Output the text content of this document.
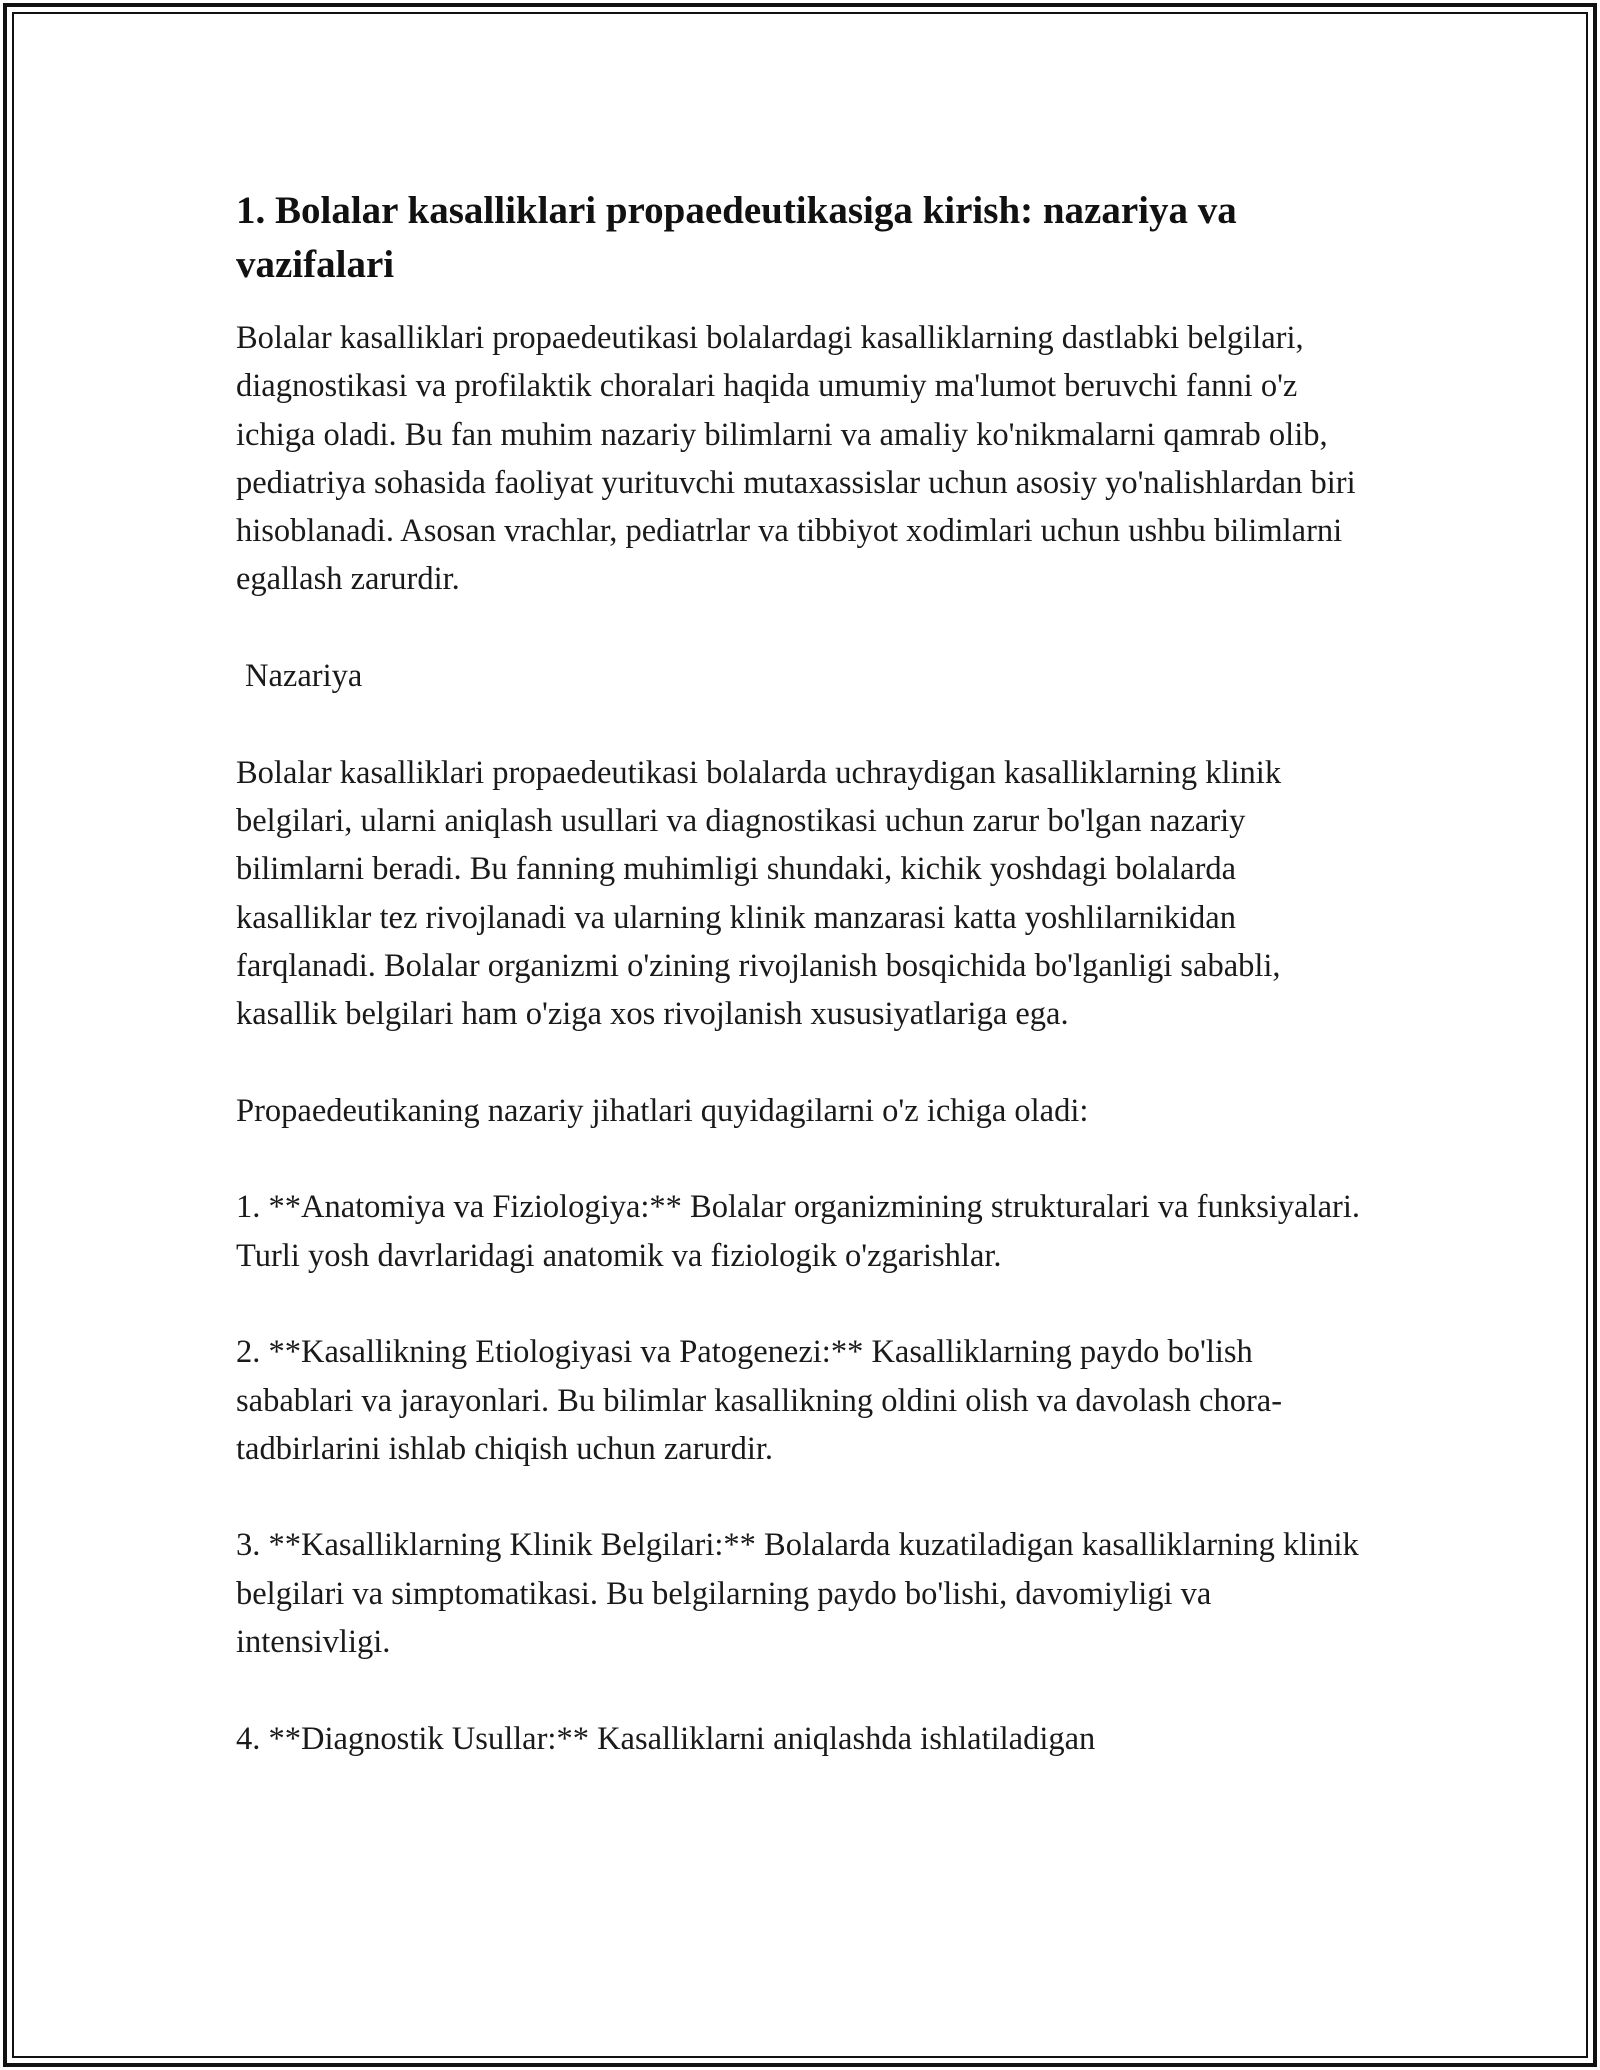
1. Bolalar kasalliklari propaedeutikasiga kirish: nazariya va vazifalari

Bolalar kasalliklari propaedeutikasi bolalardagi kasalliklarning dastlabki belgilari, diagnostikasi va profilaktik choralari haqida umumiy ma'lumot beruvchi fanni o'z ichiga oladi. Bu fan muhim nazariy bilimlarni va amaliy ko'nikmalarni qamrab olib, pediatriya sohasida faoliyat yurituvchi mutaxassislar uchun asosiy yo'nalishlardan biri hisoblanadi. Asosan vrachlar, pediatrlar va tibbiyot xodimlari uchun ushbu bilimlarni egallash zarurdir.

Nazariya

Bolalar kasalliklari propaedeutikasi bolalarda uchraydigan kasalliklarning klinik belgilari, ularni aniqlash usullari va diagnostikasi uchun zarur bo'lgan nazariy bilimlarni beradi. Bu fanning muhimligi shundaki, kichik yoshdagi bolalarda kasalliklar tez rivojlanadi va ularning klinik manzarasi katta yoshlilarnikidan farqlanadi. Bolalar organizmi o'zining rivojlanish bosqichida bo'lganligi sababli, kasallik belgilari ham o'ziga xos rivojlanish xususiyatlariga ega.

Propaedeutikaning nazariy jihatlari quyidagilarni o'z ichiga oladi:

1. **Anatomiya va Fiziologiya:** Bolalar organizmining strukturalari va funksiyalari. Turli yosh davrlaridagi anatomik va fiziologik o'zgarishlar.

2. **Kasallikning Etiologiyasi va Patogenezi:** Kasalliklarning paydo bo'lish sabablari va jarayonlari. Bu bilimlar kasallikning oldini olish va davolash chora-tadbirlarini ishlab chiqish uchun zarurdir.

3. **Kasalliklarning Klinik Belgilari:** Bolalarda kuzatiladigan kasalliklarning klinik belgilari va simptomatikasi. Bu belgilarning paydo bo'lishi, davomiyligi va intensivligi.

4. **Diagnostik Usullar:** Kasalliklarni aniqlashda ishlatiladigan
